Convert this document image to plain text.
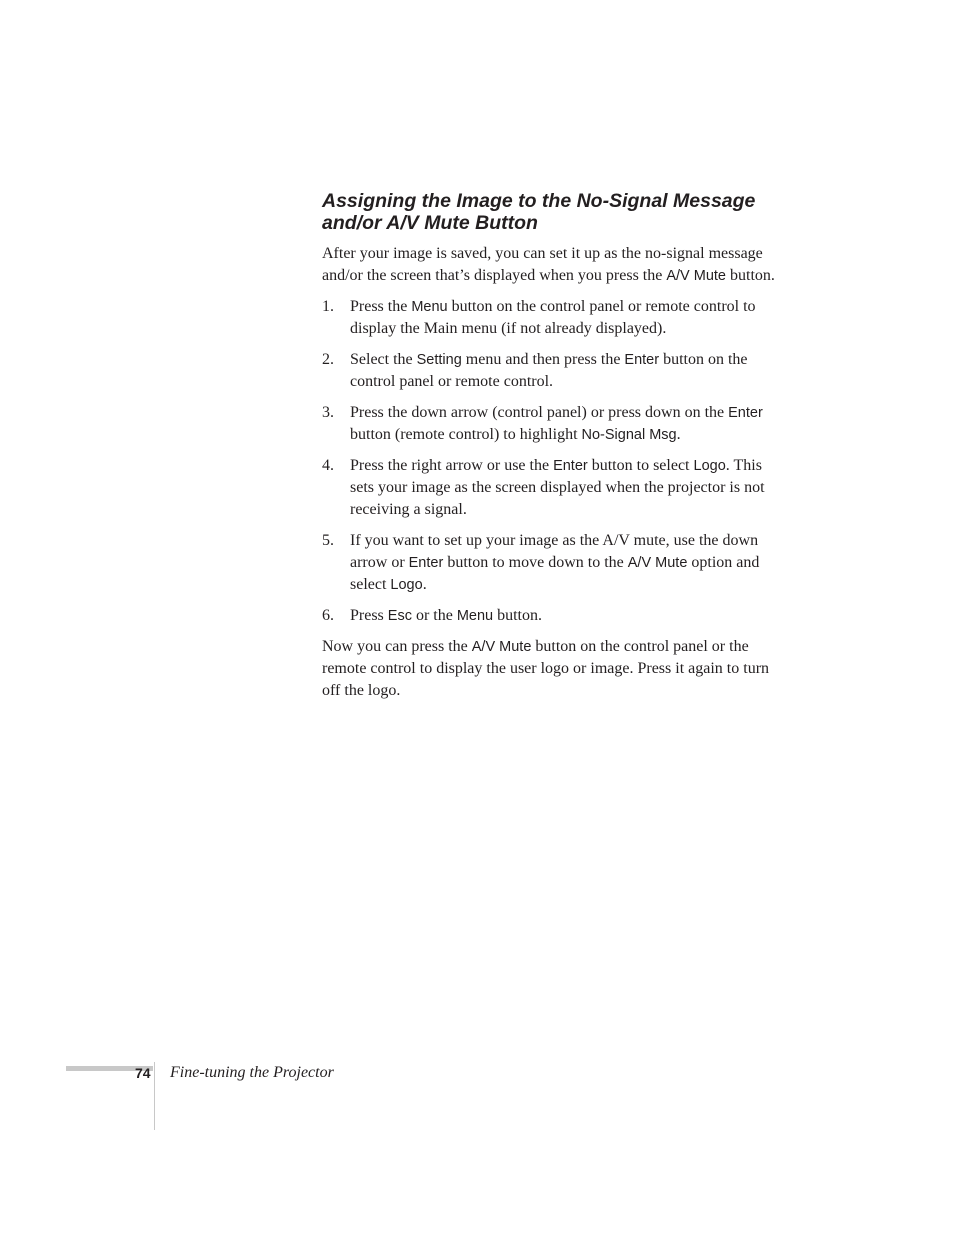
Assigning the Image to the No-Signal Message and/or A/V Mute Button

After your image is saved, you can set it up as the no-signal message and/or the screen that’s displayed when you press the A/V Mute button.

1. Press the Menu button on the control panel or remote control to display the Main menu (if not already displayed).
2. Select the Setting menu and then press the Enter button on the control panel or remote control.
3. Press the down arrow (control panel) or press down on the Enter button (remote control) to highlight No-Signal Msg.
4. Press the right arrow or use the Enter button to select Logo. This sets your image as the screen displayed when the projector is not receiving a signal.
5. If you want to set up your image as the A/V mute, use the down arrow or Enter button to move down to the A/V Mute option and select Logo.
6. Press Esc or the Menu button.

Now you can press the A/V Mute button on the control panel or the remote control to display the user logo or image. Press it again to turn off the logo.

74 Fine-tuning the Projector
